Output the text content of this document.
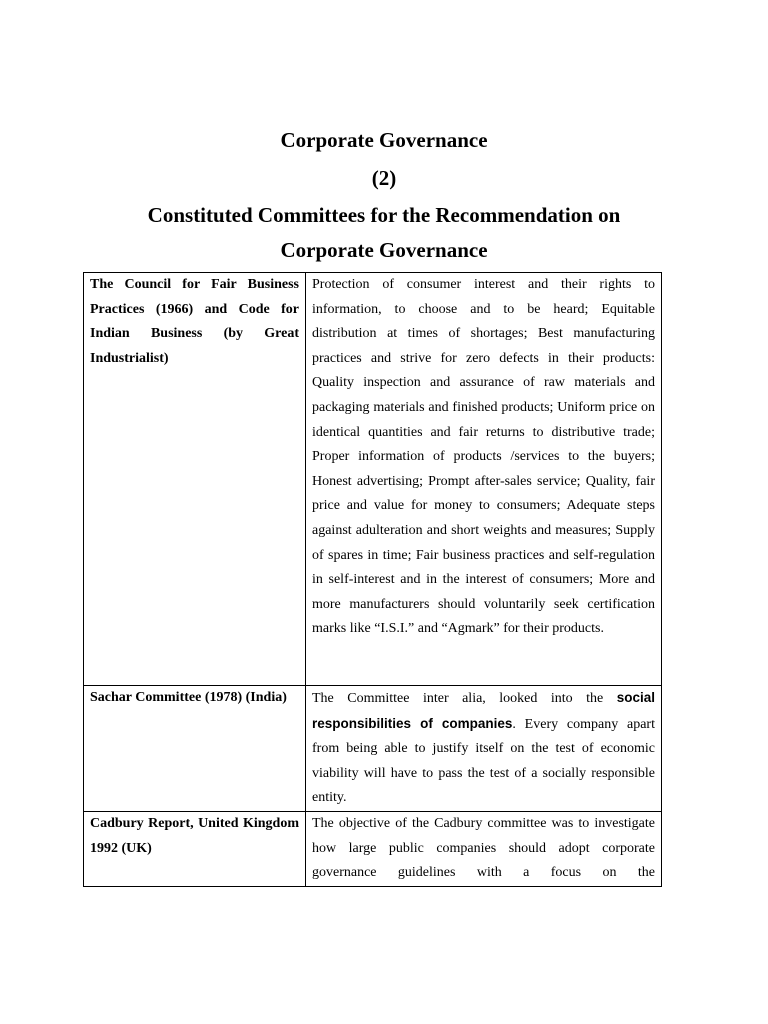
Corporate Governance
(2)
Constituted Committees for the Recommendation on
Corporate Governance
The Council for Fair Business Practices (1966) and Code for Indian Business (by Great Industrialist)	Protection of consumer interest and their rights to information, to choose and to be heard; Equitable distribution at times of shortages; Best manufacturing practices and strive for zero defects in their products: Quality inspection and assurance of raw materials and packaging materials and finished products; Uniform price on identical quantities and fair returns to distributive trade; Proper information of products /services to the buyers; Honest advertising; Prompt after-sales service; Quality, fair price and value for money to consumers; Adequate steps against adulteration and short weights and measures; Supply of spares in time; Fair business practices and self-regulation in self-interest and in the interest of consumers; More and more manufacturers should voluntarily seek certification marks like “I.S.I.” and “Agmark” for their products.

Sachar Committee (1978) (India)	The Committee inter alia, looked into the social responsibilities of companies. Every company apart from being able to justify itself on the test of economic viability will have to pass the test of a socially responsible entity.

Cadbury Report, United Kingdom 1992 (UK)	The objective of the Cadbury committee was to investigate how large public companies should adopt corporate governance guidelines with a focus on the
